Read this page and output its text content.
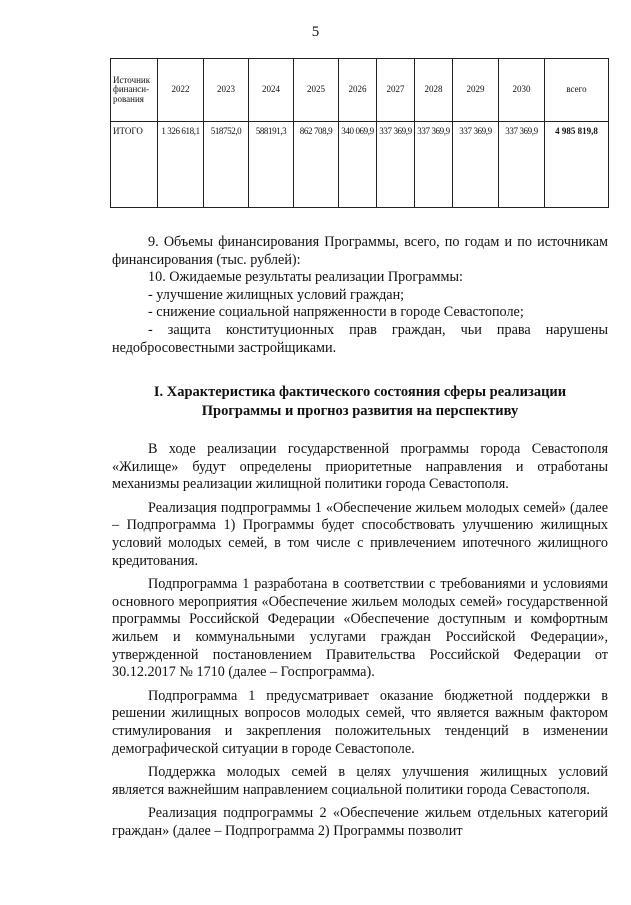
5
Источник финанси-рования	2022	2023	2024	2025	2026	2027	2028	2029	2030	всего
ИТОГО	1 326 618,1	518752,0	588191,3	862 708,9	340 069,9	337 369,9	337 369,9	337 369,9	337 369,9	4 985 819,8

9. Объемы финансирования Программы, всего, по годам и по источникам финансирования (тыс. рублей):

10. Ожидаемые результаты реализации Программы:

- улучшение жилищных условий граждан;

- снижение социальной напряженности в городе Севастополе;

- защита конституционных прав граждан, чьи права нарушены недобросовестными застройщиками.

I. Характеристика фактического состояния сферы реализации
Программы и прогноз развития на перспективу

В ходе реализации государственной программы города Севастополя «Жилище» будут определены приоритетные направления и отработаны механизмы реализации жилищной политики города Севастополя.

Реализация подпрограммы 1 «Обеспечение жильем молодых семей» (далее – Подпрограмма 1) Программы будет способствовать улучшению жилищных условий молодых семей, в том числе с привлечением ипотечного жилищного кредитования.

Подпрограмма 1 разработана в соответствии с требованиями и условиями основного мероприятия «Обеспечение жильем молодых семей» государственной программы Российской Федерации «Обеспечение доступным и комфортным жильем и коммунальными услугами граждан Российской Федерации», утвержденной постановлением Правительства Российской Федерации от 30.12.2017 № 1710 (далее – Госпрограмма).

Подпрограмма 1 предусматривает оказание бюджетной поддержки в решении жилищных вопросов молодых семей, что является важным фактором стимулирования и закрепления положительных тенденций в изменении демографической ситуации в городе Севастополе.

Поддержка молодых семей в целях улучшения жилищных условий является важнейшим направлением социальной политики города Севастополя.

Реализация подпрограммы 2 «Обеспечение жильем отдельных категорий граждан» (далее – Подпрограмма 2) Программы позволит
